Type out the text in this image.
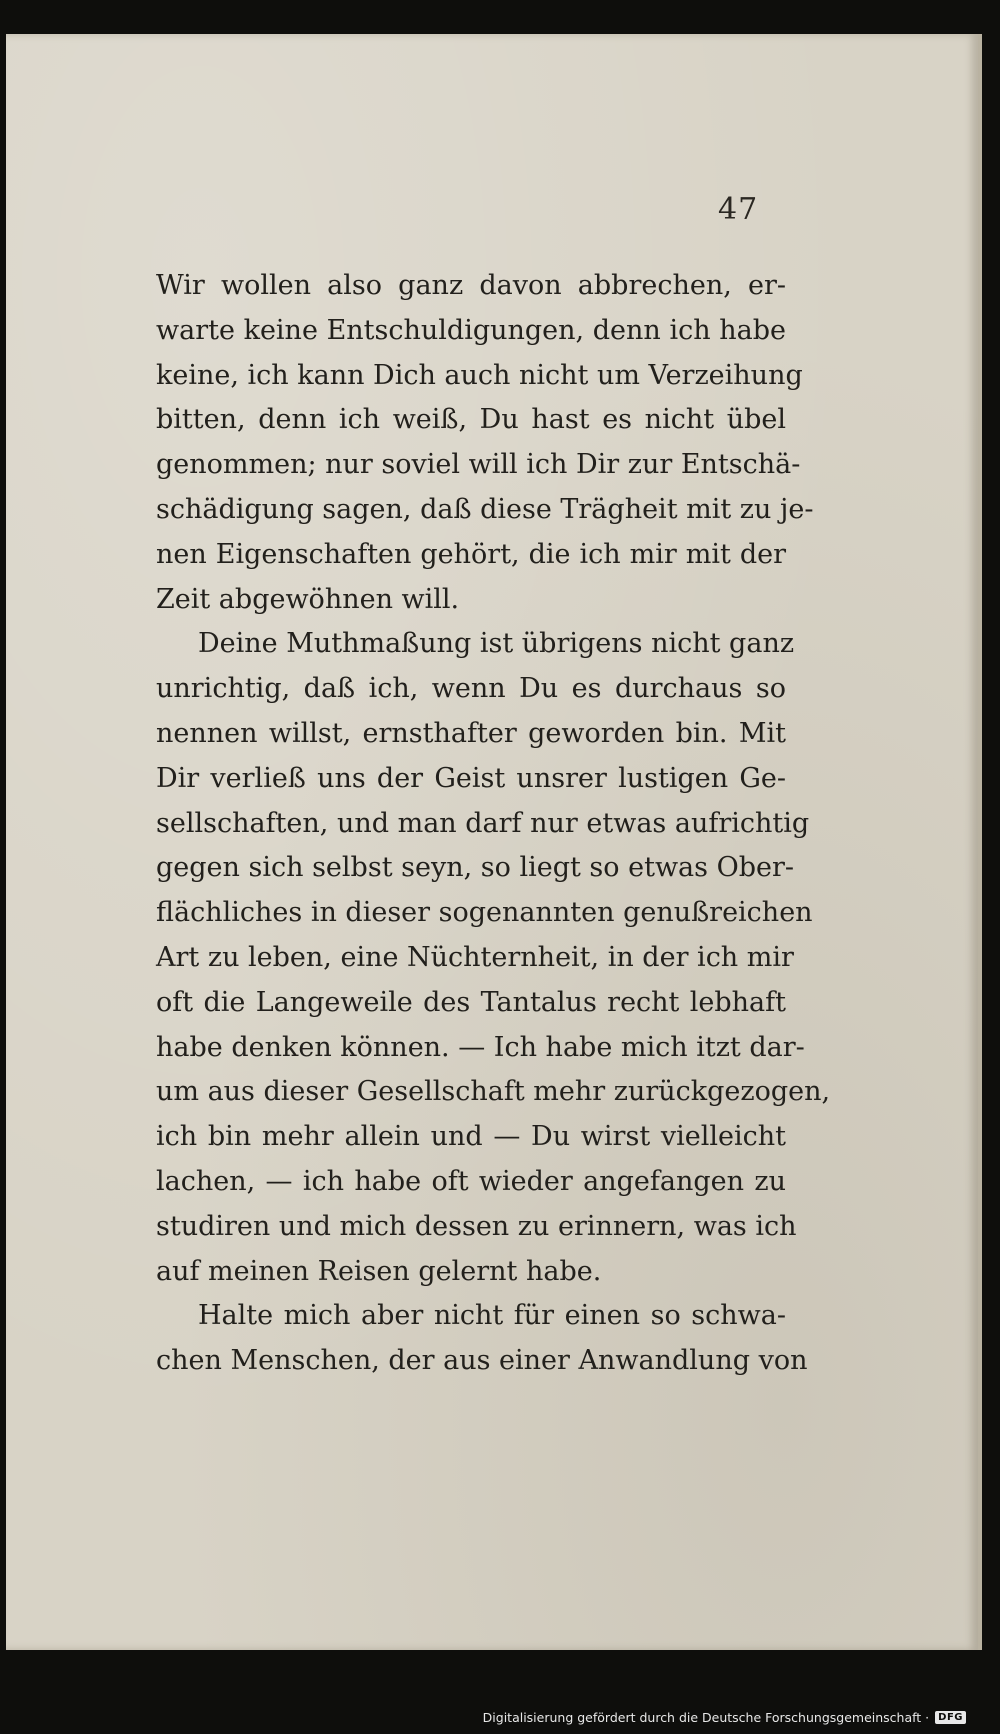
47
Wir wollen also ganz davon abbrechen, er-
warte keine Entschuldigungen, denn ich habe
keine, ich kann Dich auch nicht um Verzeihung
bitten, denn ich weiß, Du hast es nicht übel
genommen; nur soviel will ich Dir zur Entschä-
schädigung sagen, daß diese Trägheit mit zu je-
nen Eigenschaften gehört, die ich mir mit der
Zeit abgewöhnen will.
Deine Muthmaßung ist übrigens nicht ganz
unrichtig, daß ich, wenn Du es durchaus so
nennen willst, ernsthafter geworden bin. Mit
Dir verließ uns der Geist unsrer lustigen Ge-
sellschaften, und man darf nur etwas aufrichtig
gegen sich selbst seyn, so liegt so etwas Ober-
flächliches in dieser sogenannten genußreichen
Art zu leben, eine Nüchternheit, in der ich mir
oft die Langeweile des Tantalus recht lebhaft
habe denken können. — Ich habe mich itzt dar-
um aus dieser Gesellschaft mehr zurückgezogen,
ich bin mehr allein und — Du wirst vielleicht
lachen, — ich habe oft wieder angefangen zu
studiren und mich dessen zu erinnern, was ich
auf meinen Reisen gelernt habe.
Halte mich aber nicht für einen so schwa-
chen Menschen, der aus einer Anwandlung von
Digitalisierung gefördert durch die Deutsche Forschungsgemeinschaft · DFG
